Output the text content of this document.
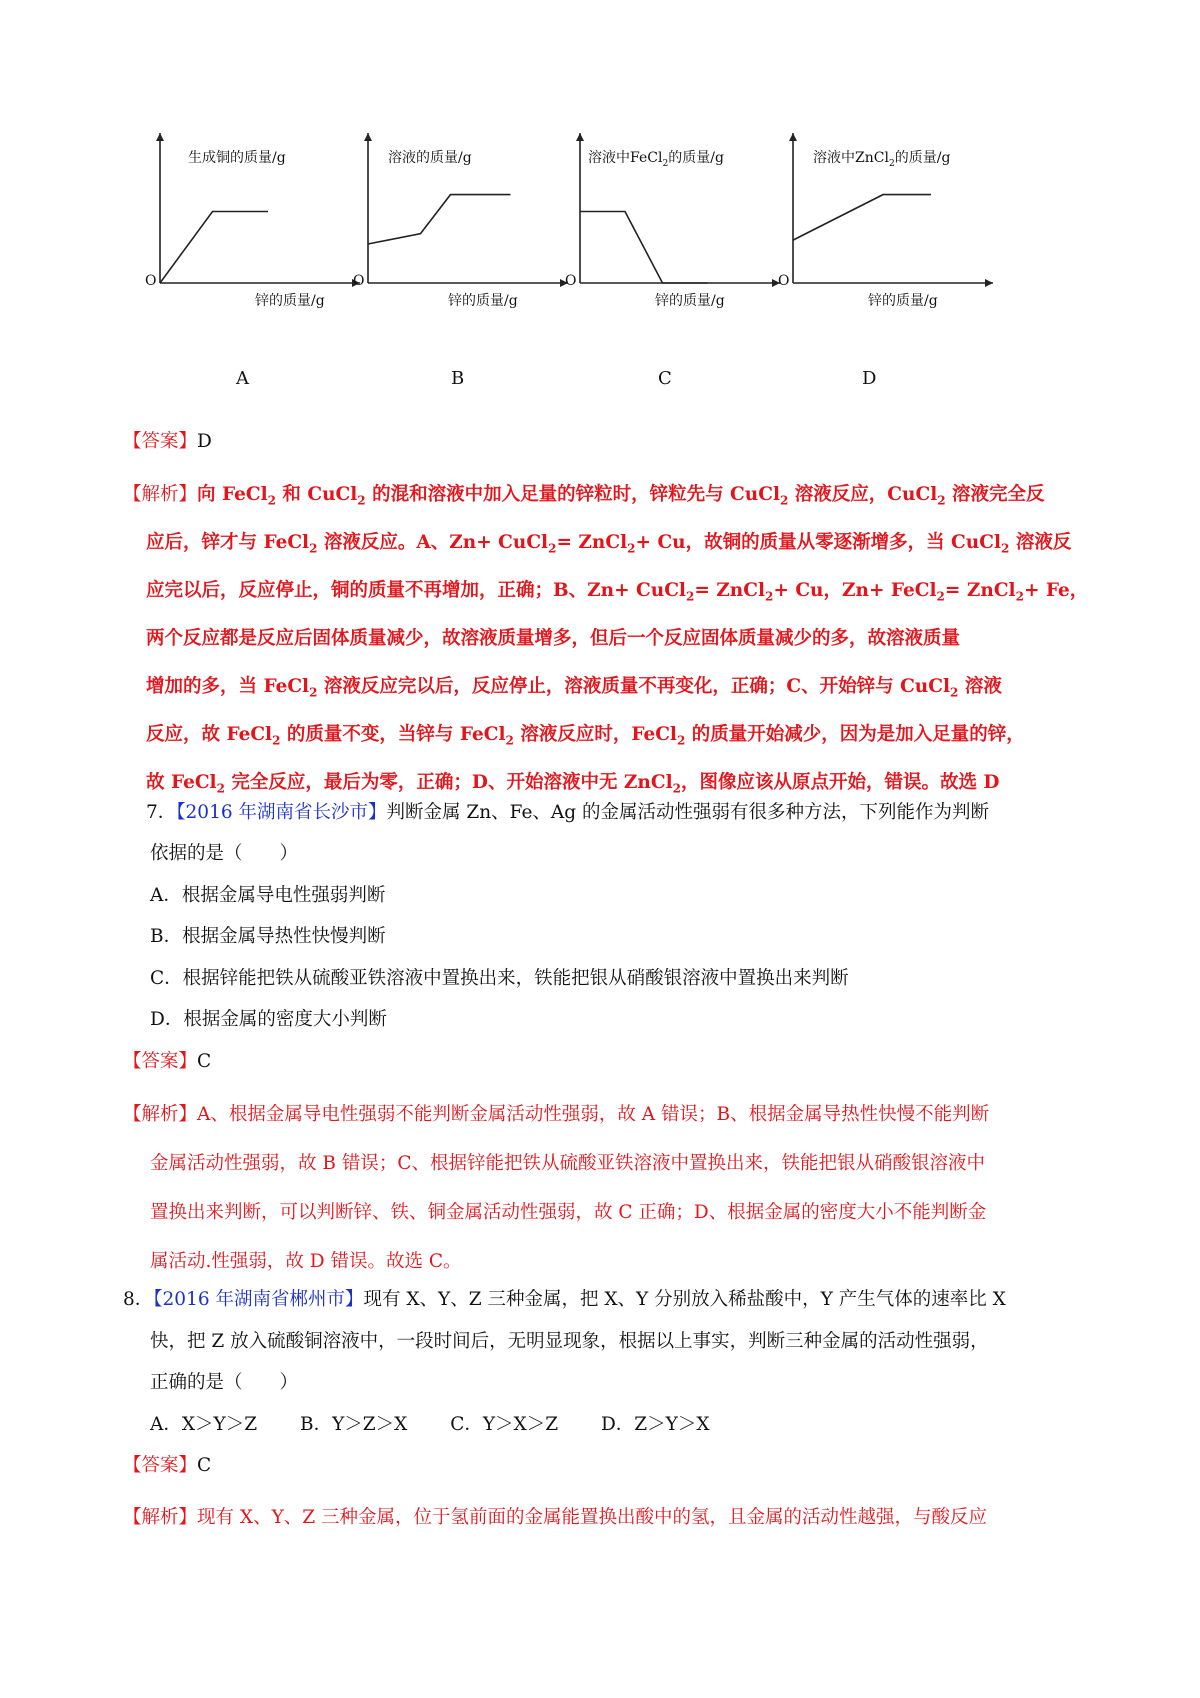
生成铜的质量/g
O
锌的质量/g
溶液的质量/g
O
锌的质量/g
溶液中FeCl$_2$的质量/g
O
锌的质量/g
溶液中ZnCl$_2$的质量/g
O
锌的质量/g
A	B	C	D
【答案】D
【解析】向 FeCl$_2$ 和 CuCl$_2$ 的混和溶液中加入足量的锌粒时，锌粒先与 CuCl$_2$ 溶液反应，CuCl$_2$ 溶液完全反
应后，锌才与 FeCl$_2$ 溶液反应。A、Zn+ CuCl$_2$= ZnCl$_2$+ Cu，故铜的质量从零逐渐增多，当 CuCl$_2$ 溶液反
应完以后，反应停止，铜的质量不再增加，正确；B、Zn+ CuCl$_2$= ZnCl$_2$+ Cu，Zn+ FeCl$_2$= ZnCl$_2$+ Fe，
两个反应都是反应后固体质量减少，故溶液质量增多，但后一个反应固体质量减少的多，故溶液质量
增加的多，当 FeCl$_2$ 溶液反应完以后，反应停止，溶液质量不再变化，正确；C、开始锌与 CuCl$_2$ 溶液
反应，故 FeCl$_2$ 的质量不变，当锌与 FeCl$_2$ 溶液反应时，FeCl$_2$ 的质量开始减少，因为是加入足量的锌，
故 FeCl$_2$ 完全反应，最后为零，正确；D、开始溶液中无 ZnCl$_2$，图像应该从原点开始，错误。故选 D
7．【2016 年湖南省长沙市】判断金属 Zn、Fe、Ag 的金属活动性强弱有很多种方法，下列能作为判断
依据的是（　　）
A．根据金属导电性强弱判断
B．根据金属导热性快慢判断
C．根据锌能把铁从硫酸亚铁溶液中置换出来，铁能把银从硝酸银溶液中置换出来判断
D．根据金属的密度大小判断
【答案】C
【解析】A、根据金属导电性强弱不能判断金属活动性强弱，故 A 错误；B、根据金属导热性快慢不能判断
金属活动性强弱，故 B 错误；C、根据锌能把铁从硫酸亚铁溶液中置换出来，铁能把银从硝酸银溶液中
置换出来判断，可以判断锌、铁、铜金属活动性强弱，故 C 正确；D、根据金属的密度大小不能判断金
属活动.性强弱，故 D 错误。故选 C。
8．【2016 年湖南省郴州市】现有 X、Y、Z 三种金属，把 X、Y 分别放入稀盐酸中，Y 产生气体的速率比 X
快，把 Z 放入硫酸铜溶液中，一段时间后，无明显现象，根据以上事实，判断三种金属的活动性强弱，
正确的是（　　）
A．X＞Y＞Z　　 B．Y＞Z＞X　　 C．Y＞X＞Z　　 D．Z＞Y＞X
【答案】C
【解析】现有 X、Y、Z 三种金属，位于氢前面的金属能置换出酸中的氢，且金属的活动性越强，与酸反应
